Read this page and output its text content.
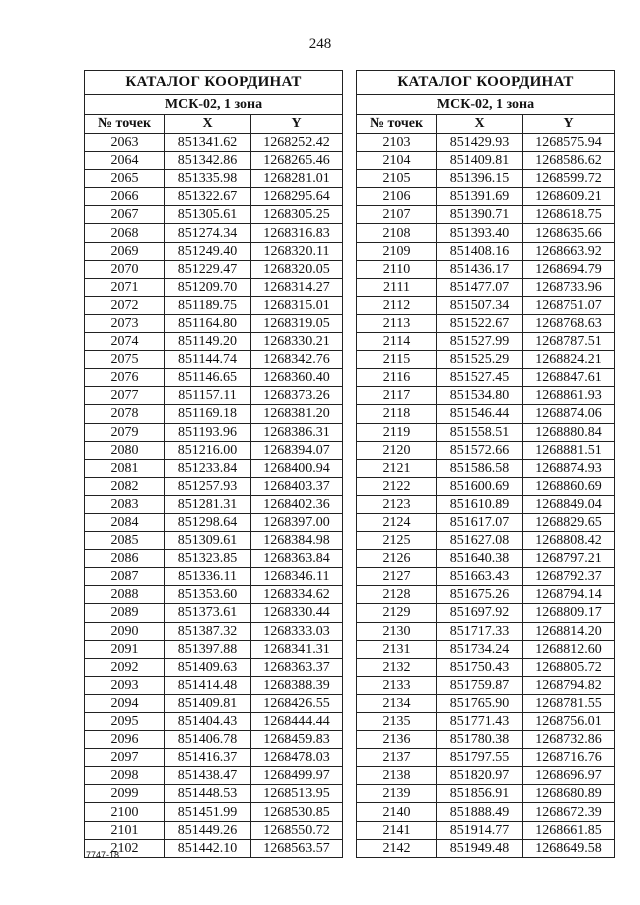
248
КАТАЛОГ КООРДИНАТ		
МСК-02, 1 зона		
№ точек	X	Y
2063	851341.62	1268252.42
2064	851342.86	1268265.46
2065	851335.98	1268281.01
2066	851322.67	1268295.64
2067	851305.61	1268305.25
2068	851274.34	1268316.83
2069	851249.40	1268320.11
2070	851229.47	1268320.05
2071	851209.70	1268314.27
2072	851189.75	1268315.01
2073	851164.80	1268319.05
2074	851149.20	1268330.21
2075	851144.74	1268342.76
2076	851146.65	1268360.40
2077	851157.11	1268373.26
2078	851169.18	1268381.20
2079	851193.96	1268386.31
2080	851216.00	1268394.07
2081	851233.84	1268400.94
2082	851257.93	1268403.37
2083	851281.31	1268402.36
2084	851298.64	1268397.00
2085	851309.61	1268384.98
2086	851323.85	1268363.84
2087	851336.11	1268346.11
2088	851353.60	1268334.62
2089	851373.61	1268330.44
2090	851387.32	1268333.03
2091	851397.88	1268341.31
2092	851409.63	1268363.37
2093	851414.48	1268388.39
2094	851409.81	1268426.55
2095	851404.43	1268444.44
2096	851406.78	1268459.83
2097	851416.37	1268478.03
2098	851438.47	1268499.97
2099	851448.53	1268513.95
2100	851451.99	1268530.85
2101	851449.26	1268550.72
2102	851442.10	1268563.57
КАТАЛОГ КООРДИНАТ		
МСК-02, 1 зона		
№ точек	X	Y
2103	851429.93	1268575.94
2104	851409.81	1268586.62
2105	851396.15	1268599.72
2106	851391.69	1268609.21
2107	851390.71	1268618.75
2108	851393.40	1268635.66
2109	851408.16	1268663.92
2110	851436.17	1268694.79
2111	851477.07	1268733.96
2112	851507.34	1268751.07
2113	851522.67	1268768.63
2114	851527.99	1268787.51
2115	851525.29	1268824.21
2116	851527.45	1268847.61
2117	851534.80	1268861.93
2118	851546.44	1268874.06
2119	851558.51	1268880.84
2120	851572.66	1268881.51
2121	851586.58	1268874.93
2122	851600.69	1268860.69
2123	851610.89	1268849.04
2124	851617.07	1268829.65
2125	851627.08	1268808.42
2126	851640.38	1268797.21
2127	851663.43	1268792.37
2128	851675.26	1268794.14
2129	851697.92	1268809.17
2130	851717.33	1268814.20
2131	851734.24	1268812.60
2132	851750.43	1268805.72
2133	851759.87	1268794.82
2134	851765.90	1268781.55
2135	851771.43	1268756.01
2136	851780.38	1268732.86
2137	851797.55	1268716.76
2138	851820.97	1268696.97
2139	851856.91	1268680.89
2140	851888.49	1268672.39
2141	851914.77	1268661.85
2142	851949.48	1268649.58
7747-18
